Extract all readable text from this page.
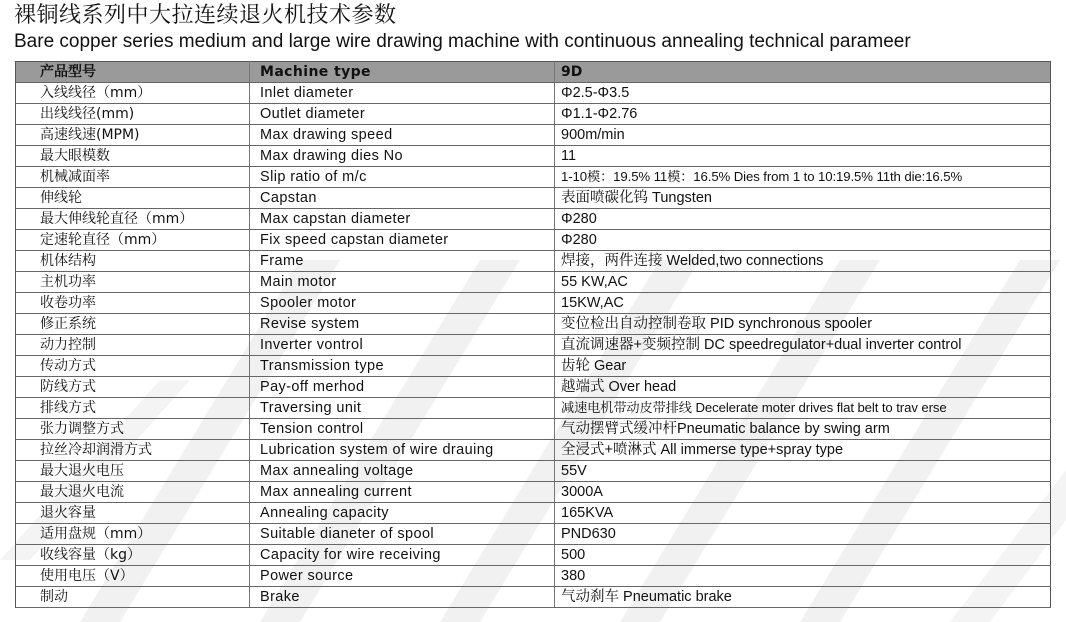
裸铜线系列中大拉连续退火机技术参数
Bare copper series medium and large wire drawing machine with continuous annealing technical parameer
产品型号	Machine type	9D
入线线径（mm）	Inlet diameter	Φ2.5-Φ3.5
出线线径(mm)	Outlet diameter	Φ1.1-Φ2.76
高速线速(MPM)	Max drawing speed	900m/min
最大眼模数	Max drawing dies No	11
机械减面率	Slip ratio of m/c	1-10模：19.5% 11模：16.5% Dies from 1 to 10:19.5% 11th die:16.5%
伸线轮	Capstan	表面喷碳化钨 Tungsten
最大伸线轮直径（mm）	Max capstan diameter	Φ280
定速轮直径（mm）	Fix speed capstan diameter	Φ280
机体结构	Frame	焊接，两件连接 Welded,two connections
主机功率	Main motor	55 KW,AC
收卷功率	Spooler motor	15KW,AC
修正系统	Revise system	变位检出自动控制卷取 PID synchronous spooler
动力控制	Inverter vontrol	直流调速器+变频控制 DC speedregulator+dual inverter control
传动方式	Transmission type	齿轮 Gear
防线方式	Pay-off merhod	越端式 Over head
排线方式	Traversing unit	减速电机带动皮带排线 Decelerate moter drives flat belt to trav erse
张力调整方式	Tension control	气动摆臂式缓冲杆Pneumatic balance by swing arm
拉丝冷却润滑方式	Lubrication system of wire drauing	全浸式+喷淋式 All immerse type+spray type
最大退火电压	Max annealing voltage	55V
最大退火电流	Max annealing current	3000A
退火容量	Annealing capacity	165KVA
适用盘规（mm）	Suitable dianeter of spool	PND630
收线容量（kg）	Capacity for wire receiving	500
使用电压（V）	Power source	380
制动	Brake	气动刹车 Pneumatic brake
